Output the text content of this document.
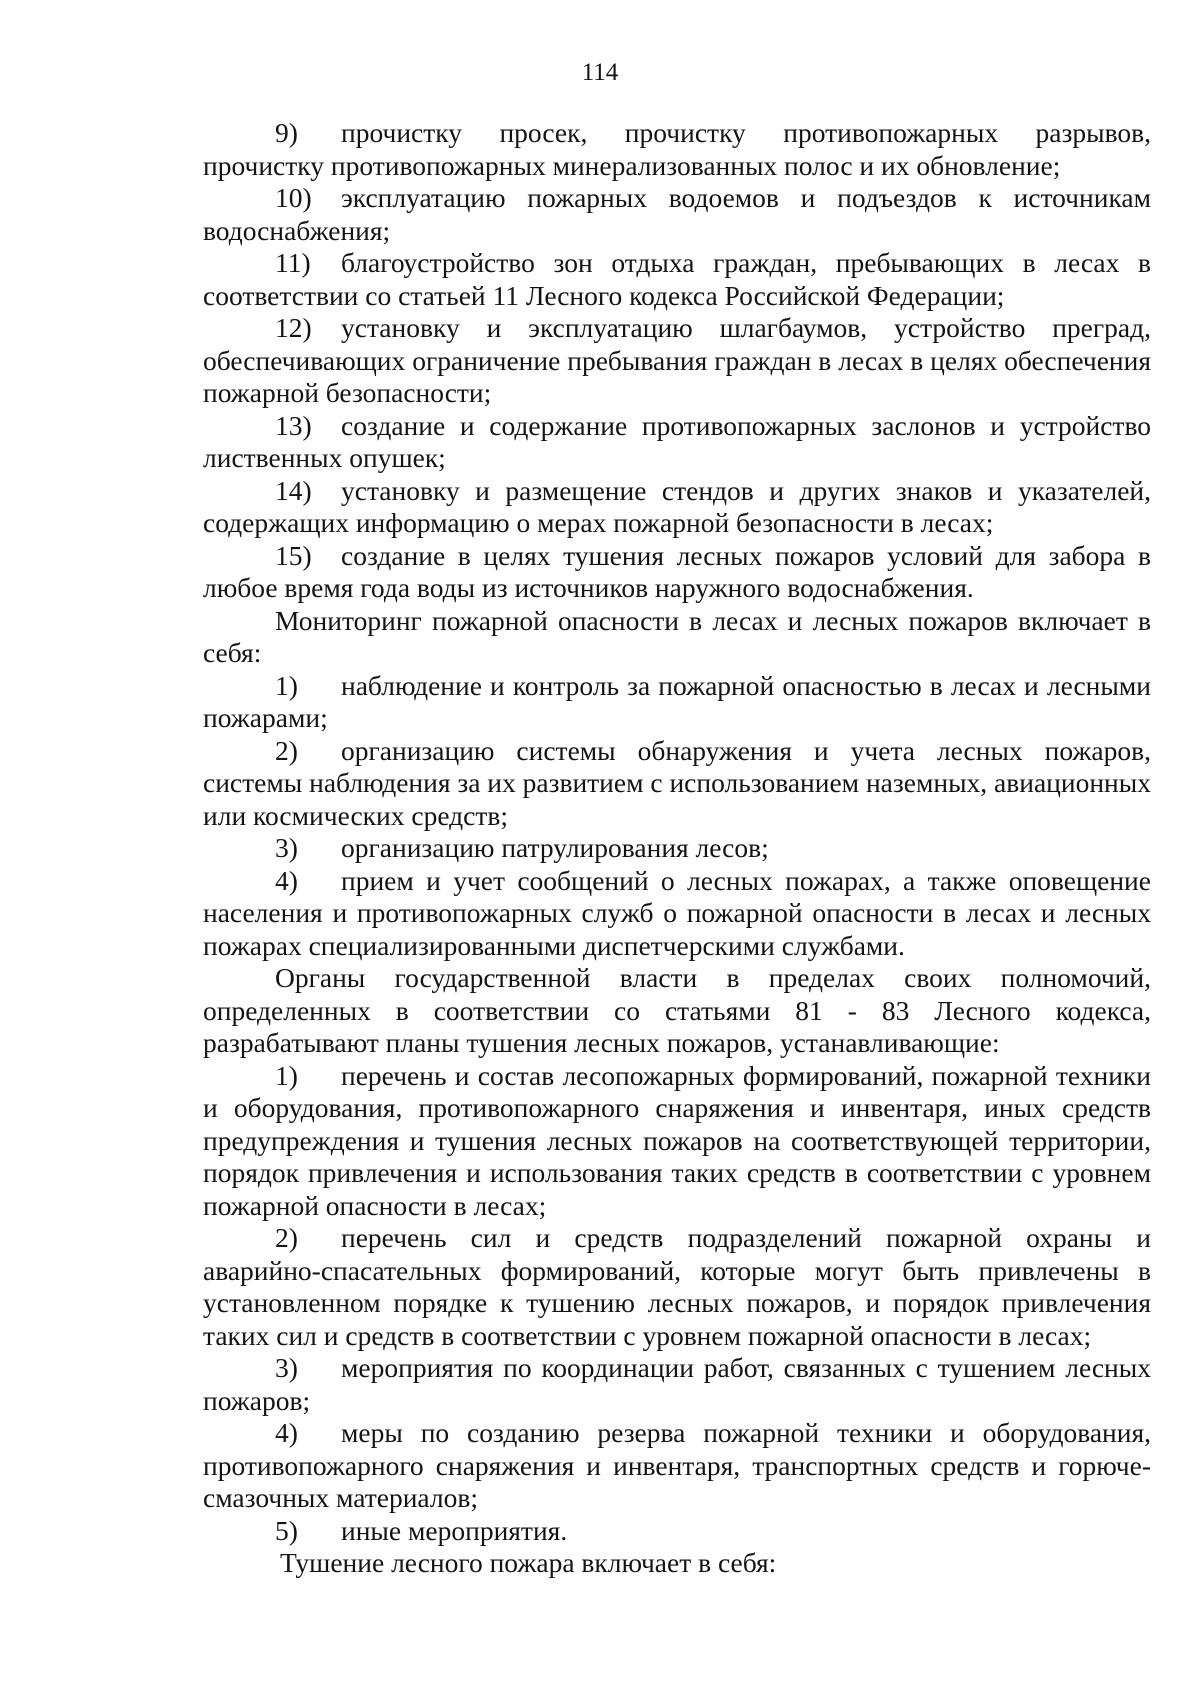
114

9) прочистку просек, прочистку противопожарных разрывов, прочистку противопожарных минерализованных полос и их обновление;

10) эксплуатацию пожарных водоемов и подъездов к источникам водоснабжения;

11) благоустройство зон отдыха граждан, пребывающих в лесах в соответствии со статьей 11 Лесного кодекса Российской Федерации;

12) установку и эксплуатацию шлагбаумов, устройство преград, обеспечивающих ограничение пребывания граждан в лесах в целях обеспечения пожарной безопасности;

13) создание и содержание противопожарных заслонов и устройство лиственных опушек;

14) установку и размещение стендов и других знаков и указателей, содержащих информацию о мерах пожарной безопасности в лесах;

15) создание в целях тушения лесных пожаров условий для забора в любое время года воды из источников наружного водоснабжения.

Мониторинг пожарной опасности в лесах и лесных пожаров включает в себя:

1) наблюдение и контроль за пожарной опасностью в лесах и лесными пожарами;

2) организацию системы обнаружения и учета лесных пожаров, системы наблюдения за их развитием с использованием наземных, авиационных или космических средств;

3) организацию патрулирования лесов;

4) прием и учет сообщений о лесных пожарах, а также оповещение населения и противопожарных служб о пожарной опасности в лесах и лесных пожарах специализированными диспетчерскими службами.

Органы государственной власти в пределах своих полномочий, определенных в соответствии со статьями 81 - 83 Лесного кодекса, разрабатывают планы тушения лесных пожаров, устанавливающие:

1) перечень и состав лесопожарных формирований, пожарной техники и оборудования, противопожарного снаряжения и инвентаря, иных средств предупреждения и тушения лесных пожаров на соответствующей территории, порядок привлечения и использования таких средств в соответствии с уровнем пожарной опасности в лесах;

2) перечень сил и средств подразделений пожарной охраны и аварийно-спасательных формирований, которые могут быть привлечены в установленном порядке к тушению лесных пожаров, и порядок привлечения таких сил и средств в соответствии с уровнем пожарной опасности в лесах;

3) мероприятия по координации работ, связанных с тушением лесных пожаров;

4) меры по созданию резерва пожарной техники и оборудования, противопожарного снаряжения и инвентаря, транспортных средств и горюче-смазочных материалов;

5) иные мероприятия.

Тушение лесного пожара включает в себя:
